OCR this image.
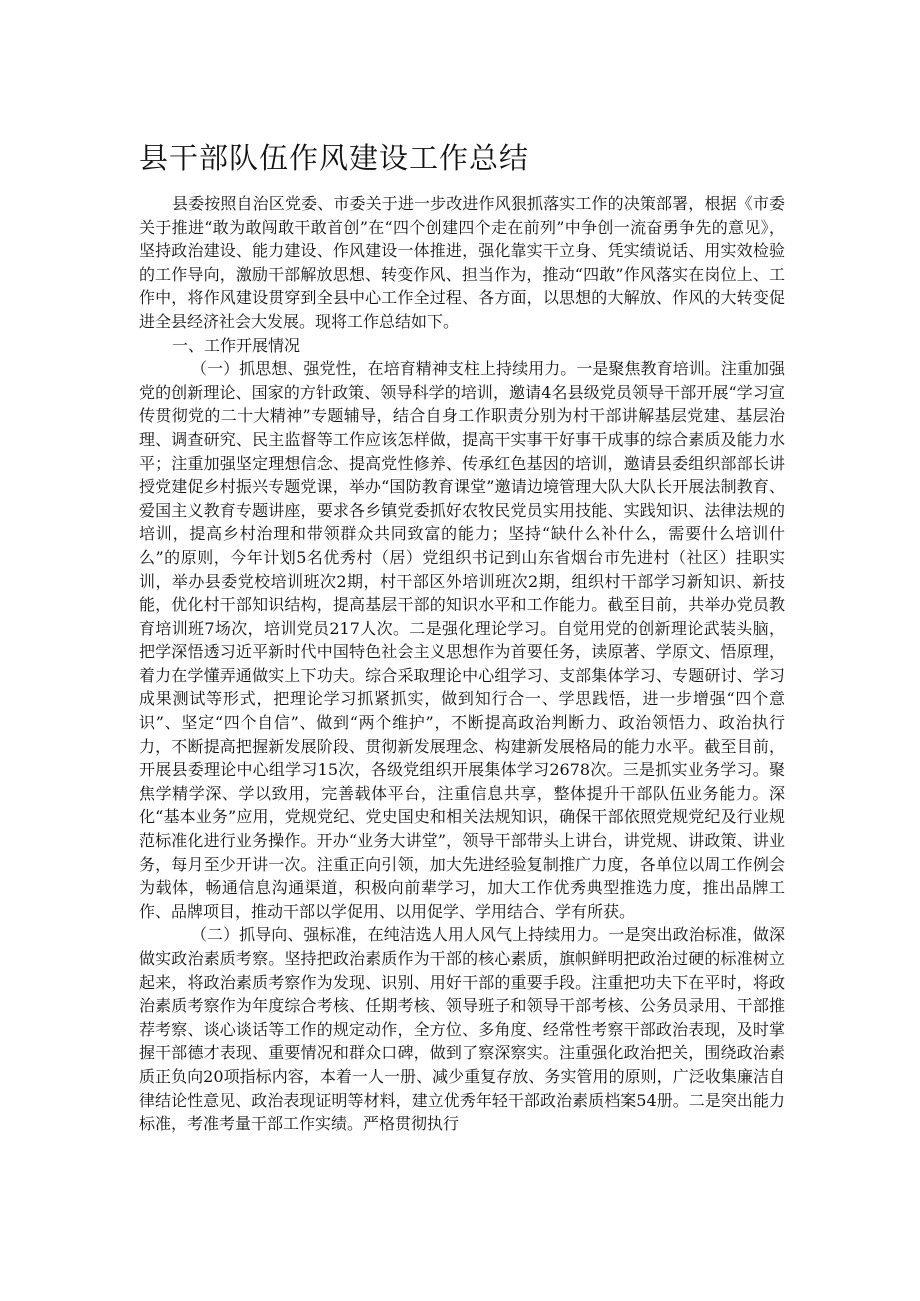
县干部队伍作风建设工作总结

县委按照自治区党委、市委关于进一步改进作风狠抓落实工作的决策部署，根据《市委关于推进“敢为敢闯敢干敢首创”在“四个创建四个走在前列”中争创一流奋勇争先的意见》，坚持政治建设、能力建设、作风建设一体推进，强化靠实干立身、凭实绩说话、用实效检验的工作导向，激励干部解放思想、转变作风、担当作为，推动“四敢”作风落实在岗位上、工作中，将作风建设贯穿到全县中心工作全过程、各方面，以思想的大解放、作风的大转变促进全县经济社会大发展。现将工作总结如下。

一、工作开展情况

（一）抓思想、强党性，在培育精神支柱上持续用力。一是聚焦教育培训。注重加强党的创新理论、国家的方针政策、领导科学的培训，邀请4名县级党员领导干部开展“学习宣传贯彻党的二十大精神”专题辅导，结合自身工作职责分别为村干部讲解基层党建、基层治理、调查研究、民主监督等工作应该怎样做，提高干实事干好事干成事的综合素质及能力水平；注重加强坚定理想信念、提高党性修养、传承红色基因的培训，邀请县委组织部部长讲授党建促乡村振兴专题党课，举办“国防教育课堂”邀请边境管理大队大队长开展法制教育、爱国主义教育专题讲座，要求各乡镇党委抓好农牧民党员实用技能、实践知识、法律法规的培训，提高乡村治理和带领群众共同致富的能力；坚持“缺什么补什么，需要什么培训什么”的原则，今年计划5名优秀村（居）党组织书记到山东省烟台市先进村（社区）挂职实训，举办县委党校培训班次2期，村干部区外培训班次2期，组织村干部学习新知识、新技能，优化村干部知识结构，提高基层干部的知识水平和工作能力。截至目前，共举办党员教育培训班7场次，培训党员217人次。二是强化理论学习。自觉用党的创新理论武装头脑，把学深悟透习近平新时代中国特色社会主义思想作为首要任务，读原著、学原文、悟原理，着力在学懂弄通做实上下功夫。综合采取理论中心组学习、支部集体学习、专题研讨、学习成果测试等形式，把理论学习抓紧抓实，做到知行合一、学思践悟，进一步增强“四个意识”、坚定“四个自信”、做到“两个维护”，不断提高政治判断力、政治领悟力、政治执行力，不断提高把握新发展阶段、贯彻新发展理念、构建新发展格局的能力水平。截至目前，开展县委理论中心组学习15次，各级党组织开展集体学习2678次。三是抓实业务学习。聚焦学精学深、学以致用，完善载体平台，注重信息共享，整体提升干部队伍业务能力。深化“基本业务”应用，党规党纪、党史国史和相关法规知识，确保干部依照党规党纪及行业规范标准化进行业务操作。开办“业务大讲堂”，领导干部带头上讲台，讲党规、讲政策、讲业务，每月至少开讲一次。注重正向引领，加大先进经验复制推广力度，各单位以周工作例会为载体，畅通信息沟通渠道，积极向前辈学习，加大工作优秀典型推选力度，推出品牌工作、品牌项目，推动干部以学促用、以用促学、学用结合、学有所获。

（二）抓导向、强标准，在纯洁选人用人风气上持续用力。一是突出政治标准，做深做实政治素质考察。坚持把政治素质作为干部的核心素质，旗帜鲜明把政治过硬的标准树立起来，将政治素质考察作为发现、识别、用好干部的重要手段。注重把功夫下在平时，将政治素质考察作为年度综合考核、任期考核、领导班子和领导干部考核、公务员录用、干部推荐考察、谈心谈话等工作的规定动作，全方位、多角度、经常性考察干部政治表现，及时掌握干部德才表现、重要情况和群众口碑，做到了察深察实。注重强化政治把关，围绕政治素质正负向20项指标内容，本着一人一册、减少重复存放、务实管用的原则，广泛收集廉洁自律结论性意见、政治表现证明等材料，建立优秀年轻干部政治素质档案54册。二是突出能力标准，考准考量干部工作实绩。严格贯彻执行
